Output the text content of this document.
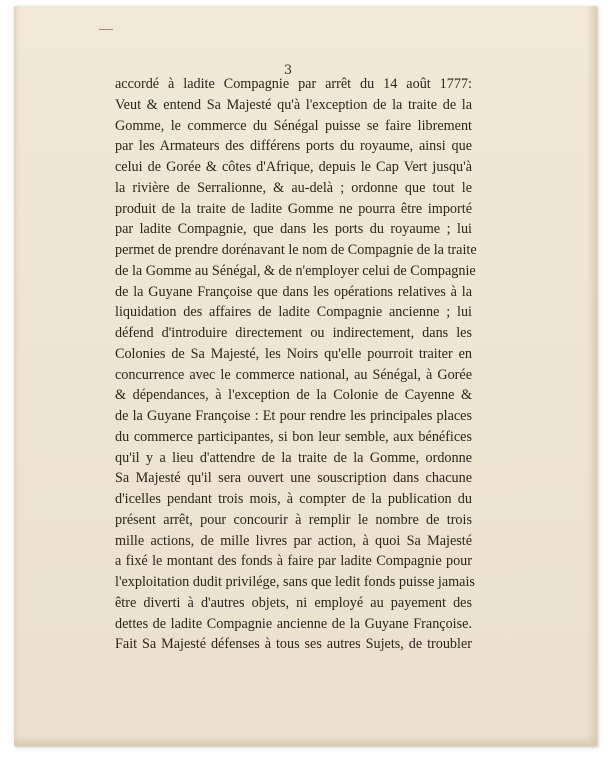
3

accordé à ladite Compagnie par arrêt du 14 août 1777:
Veut & entend Sa Majesté qu'à l'exception de la traite de la
Gomme, le commerce du Sénégal puisse se faire librement
par les Armateurs des différens ports du royaume, ainsi que
celui de Gorée & côtes d'Afrique, depuis le Cap Vert jusqu'à
la rivière de Serralionne, & au-delà ; ordonne que tout le
produit de la traite de ladite Gomme ne pourra être importé
par ladite Compagnie, que dans les ports du royaume ; lui
permet de prendre dorénavant le nom de Compagnie de la traite
de la Gomme au Sénégal, & de n'employer celui de Compagnie
de la Guyane Françoise que dans les opérations relatives à la
liquidation des affaires de ladite Compagnie ancienne ; lui
défend d'introduire directement ou indirectement, dans les
Colonies de Sa Majesté, les Noirs qu'elle pourroit traiter en
concurrence avec le commerce national, au Sénégal, à Gorée
& dépendances, à l'exception de la Colonie de Cayenne &
de la Guyane Françoise : Et pour rendre les principales places
du commerce participantes, si bon leur semble, aux bénéfices
qu'il y a lieu d'attendre de la traite de la Gomme, ordonne
Sa Majesté qu'il sera ouvert une souscription dans chacune
d'icelles pendant trois mois, à compter de la publication du
présent arrêt, pour concourir à remplir le nombre de trois
mille actions, de mille livres par action, à quoi Sa Majesté
a fixé le montant des fonds à faire par ladite Compagnie pour
l'exploitation dudit privilége, sans que ledit fonds puisse jamais
être diverti à d'autres objets, ni employé au payement des
dettes de ladite Compagnie ancienne de la Guyane Françoise.
Fait Sa Majesté défenses à tous ses autres Sujets, de troubler
